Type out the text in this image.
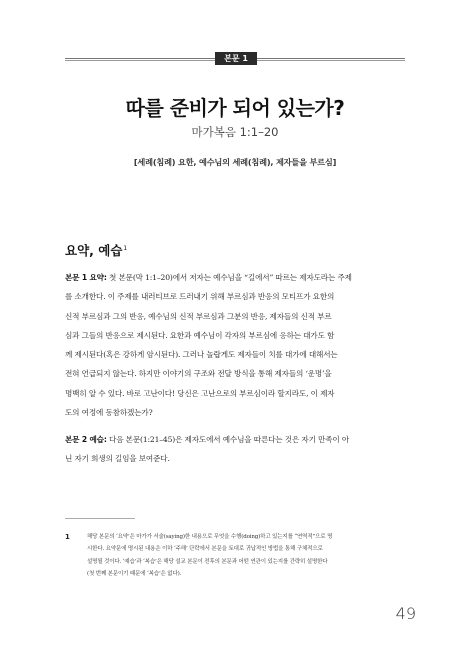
본문 1
따를 준비가 되어 있는가?
마가복음 1:1–20
[세례(침례) 요한, 예수님의 세례(침례), 제자들을 부르심]
요약, 예습$^1$
본문 1 요약: 첫 본문(막 1:1–20)에서 저자는 예수님을 “길에서” 따르는 제자도라는 주제
를 소개한다. 이 주제를 내러티브로 드러내기 위해 부르심과 반응의 모티프가 요한의
신적 부르심과 그의 반응, 예수님의 신적 부르심과 그분의 반응, 제자들의 신적 부르
심과 그들의 반응으로 제시된다. 요한과 예수님이 각자의 부르심에 응하는 대가도 함
께 제시된다(혹은 강하게 암시된다). 그러나 놀랍게도 제자들이 치를 대가에 대해서는
전혀 언급되지 않는다. 하지만 이야기의 구조와 전달 방식을 통해 제자들의 ‘운명’을
명백히 알 수 있다. 바로 고난이다! 당신은 고난으로의 부르심이라 할지라도, 이 제자
도의 여정에 동참하겠는가?
본문 2 예습: 다음 본문(1:21–45)은 제자도에서 예수님을 따른다는 것은 자기 만족이 아
닌 자기 희생의 길임을 보여준다.
1	해당 본문의 ‘요약’은 마가가 서술(saying)한 내용으로 무엇을 수행(doing)하고 있는지를 “연역적”으로 명
시한다. 요약문에 명시된 내용은 이하 ‘주해’ 단락에서 본문을 토대로 귀납적인 방법을 통해 구체적으로
설명될 것이다. ‘예습’과 ‘복습’은 해당 설교 본문이 전후의 본문과 어떤 연관이 있는지를 간략히 설명한다
(첫 번째 본문이기 때문에 ‘복습’은 없다).
49
